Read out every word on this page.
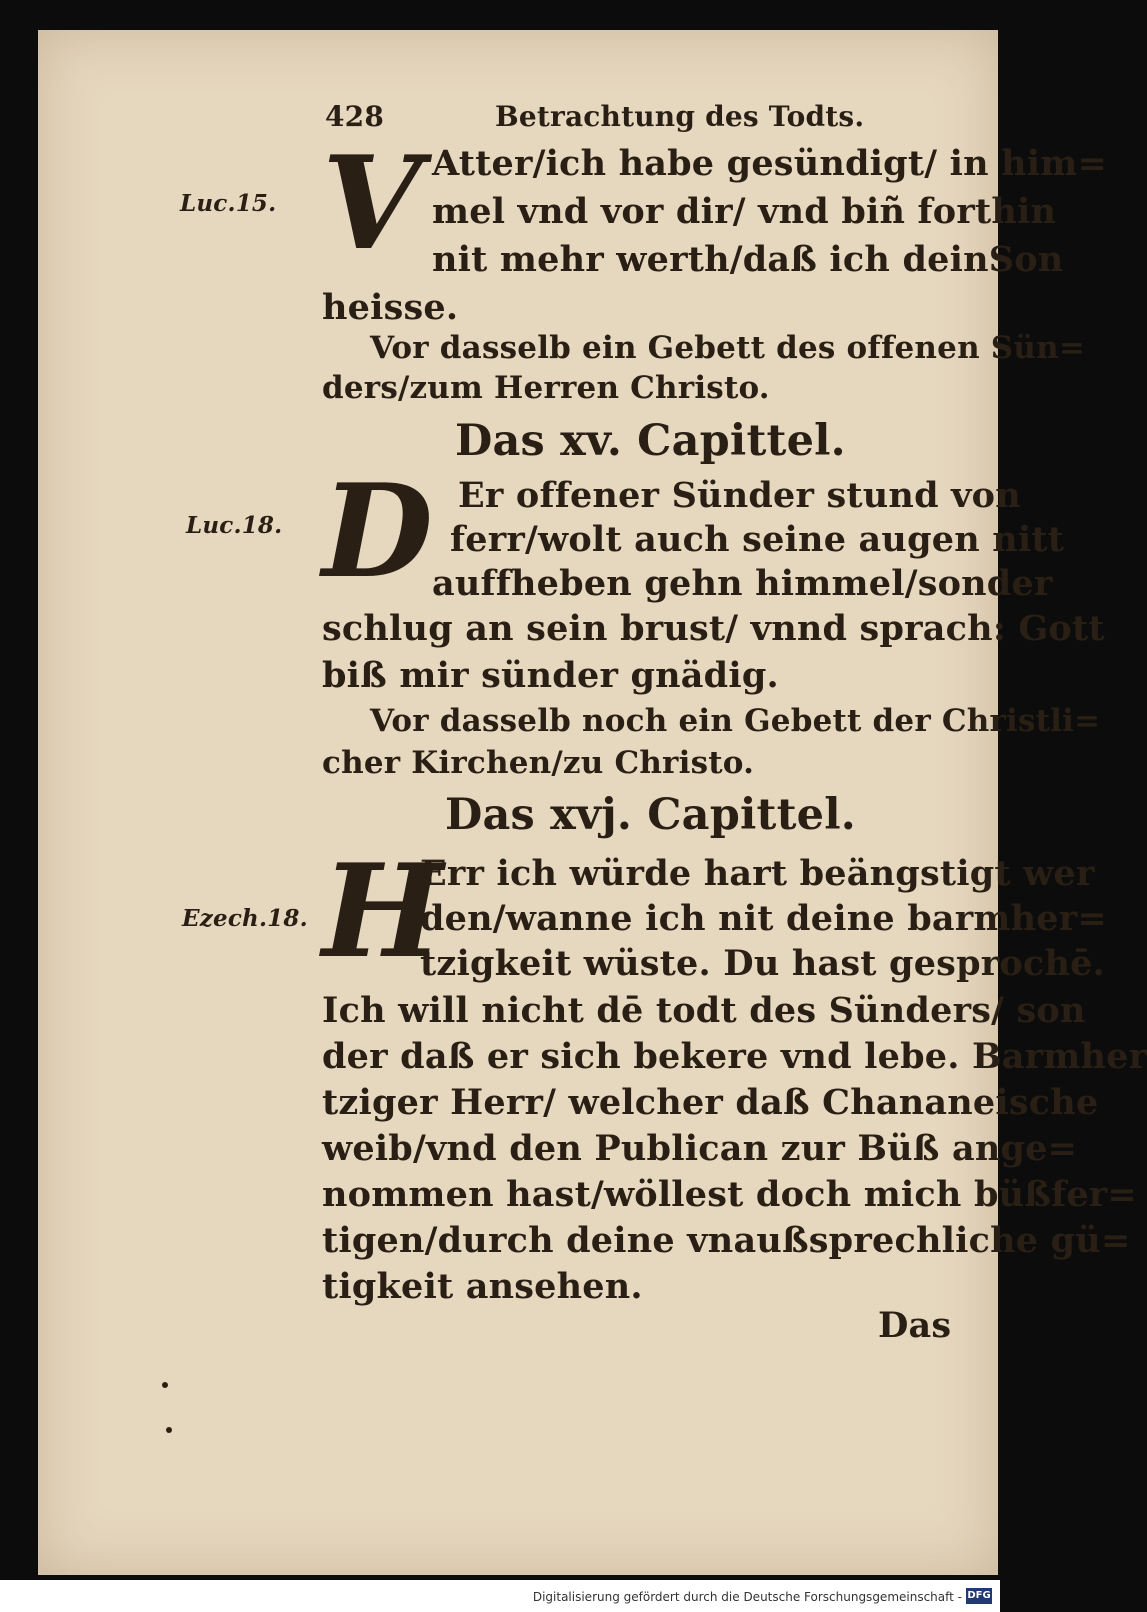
428	Betrachtung des Todts.
Luc.15.
Luc.18.
Ezech.18.
V Atter/ich habe gesündigt/ in him=
mel vnd vor dir/ vnd biñ forthin
nit mehr werth/daß ich deinSon
heisse.
Vor dasselb ein Gebett des offenen Sün=
ders/zum Herren Christo.
Das xv. Capittel.
D Er offener Sünder stund von
ferr/wolt auch seine augen nitt
auffheben gehn himmel/sonder
schlug an sein brust/ vnnd sprach: Gott
biß mir sünder gnädig.
Vor dasselb noch ein Gebett der Christli=
cher Kirchen/zu Christo.
Das xvj. Capittel.
H
Err ich würde hart beängstigt wer
den/wanne ich nit deine barmher=
tzigkeit wüste. Du hast gesprochē.
Ich will nicht dē todt des Sünders/ son
der daß er sich bekere vnd lebe. Barmher
tziger Herr/ welcher daß Chananeische
weib/vnd den Publican zur Büß ange=
nommen hast/wöllest doch mich büßfer=
tigen/durch deine vnaußsprechliche gü=
tigkeit ansehen.
Das
Digitalisierung gefördert durch die Deutsche Forschungsgemeinschaft - DFG
